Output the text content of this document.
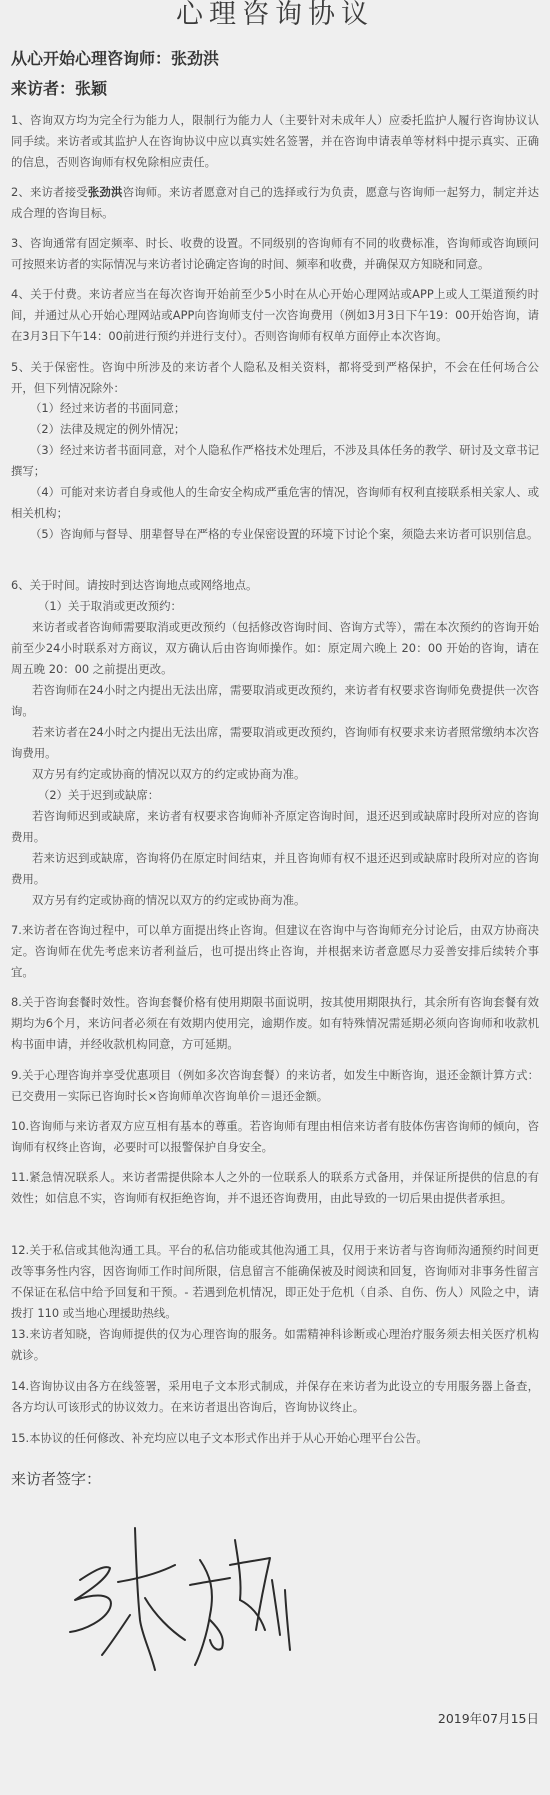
心理咨询协议
从心开始心理咨询师：张劲洪
来访者：张颖
1、咨询双方均为完全行为能力人，限制行为能力人（主要针对未成年人）应委托监护人履行咨询协议认同手续。来访者或其监护人在咨询协议中应以真实姓名签署，并在咨询申请表单等材料中提示真实、正确的信息，否则咨询师有权免除相应责任。
2、来访者接受张劲洪咨询师。来访者愿意对自己的选择或行为负责，愿意与咨询师一起努力，制定并达成合理的咨询目标。
3、咨询通常有固定频率、时长、收费的设置。不同级别的咨询师有不同的收费标准，咨询师或咨询顾问可按照来访者的实际情况与来访者讨论确定咨询的时间、频率和收费，并确保双方知晓和同意。
4、关于付费。来访者应当在每次咨询开始前至少5小时在从心开始心理网站或APP上或人工渠道预约时间，并通过从心开始心理网站或APP向咨询师支付一次咨询费用（例如3月3日下午19：00开始咨询，请在3月3日下午14：00前进行预约并进行支付）。否则咨询师有权单方面停止本次咨询。
5、关于保密性。咨询中所涉及的来访者个人隐私及相关资料，都将受到严格保护，不会在任何场合公开，但下列情况除外：
（1）经过来访者的书面同意；
（2）法律及规定的例外情况；
（3）经过来访者书面同意，对个人隐私作严格技术处理后，不涉及具体任务的教学、研讨及文章书记撰写；
（4）可能对来访者自身或他人的生命安全构成严重危害的情况，咨询师有权利直接联系相关家人、或相关机构；
（5）咨询师与督导、朋辈督导在严格的专业保密设置的环境下讨论个案，须隐去来访者可识别信息。
6、关于时间。请按时到达咨询地点或网络地点。
（1）关于取消或更改预约：
来访者或者咨询师需要取消或更改预约（包括修改咨询时间、咨询方式等），需在本次预约的咨询开始前至少24小时联系对方商议，双方确认后由咨询师操作。如：原定周六晚上 20：00 开始的咨询，请在周五晚 20：00 之前提出更改。
若咨询师在24小时之内提出无法出席，需要取消或更改预约，来访者有权要求咨询师免费提供一次咨询。
若来访者在24小时之内提出无法出席，需要取消或更改预约，咨询师有权要求来访者照常缴纳本次咨询费用。
双方另有约定或协商的情况以双方的约定或协商为准。
（2）关于迟到或缺席：
若咨询师迟到或缺席，来访者有权要求咨询师补齐原定咨询时间，退还迟到或缺席时段所对应的咨询费用。
若来访迟到或缺席，咨询将仍在原定时间结束，并且咨询师有权不退还迟到或缺席时段所对应的咨询费用。
双方另有约定或协商的情况以双方的约定或协商为准。
7.来访者在咨询过程中，可以单方面提出终止咨询。但建议在咨询中与咨询师充分讨论后，由双方协商决定。咨询师在优先考虑来访者利益后，也可提出终止咨询，并根据来访者意愿尽力妥善安排后续转介事宜。
8.关于咨询套餐时效性。咨询套餐价格有使用期限书面说明，按其使用期限执行，其余所有咨询套餐有效期均为6个月，来访问者必须在有效期内使用完，逾期作废。如有特殊情况需延期必须向咨询师和收款机构书面申请，并经收款机构同意，方可延期。
9.关于心理咨询并享受优惠项目（例如多次咨询套餐）的来访者，如发生中断咨询，退还金额计算方式：已交费用－实际已咨询时长×咨询师单次咨询单价＝退还金额。
10.咨询师与来访者双方应互相有基本的尊重。若咨询师有理由相信来访者有肢体伤害咨询师的倾向，咨询师有权终止咨询，必要时可以报警保护自身安全。
11.紧急情况联系人。来访者需提供除本人之外的一位联系人的联系方式备用，并保证所提供的信息的有效性；如信息不实，咨询师有权拒绝咨询，并不退还咨询费用，由此导致的一切后果由提供者承担。
12.关于私信或其他沟通工具。平台的私信功能或其他沟通工具，仅用于来访者与咨询师沟通预约时间更改等事务性内容，因咨询师工作时间所限，信息留言不能确保被及时阅读和回复，咨询师对非事务性留言不保证在私信中给予回复和干预。- 若遇到危机情况，即正处于危机（自杀、自伤、伤人）风险之中，请拨打 110 或当地心理援助热线。
13.来访者知晓，咨询师提供的仅为心理咨询的服务。如需精神科诊断或心理治疗服务须去相关医疗机构就诊。
14.咨询协议由各方在线签署，采用电子文本形式制成，并保存在来访者为此设立的专用服务器上备查，各方均认可该形式的协议效力。在来访者退出咨询后，咨询协议终止。
15.本协议的任何修改、补充均应以电子文本形式作出并于从心开始心理平台公告。
来访者签字：
2019年07月15日
